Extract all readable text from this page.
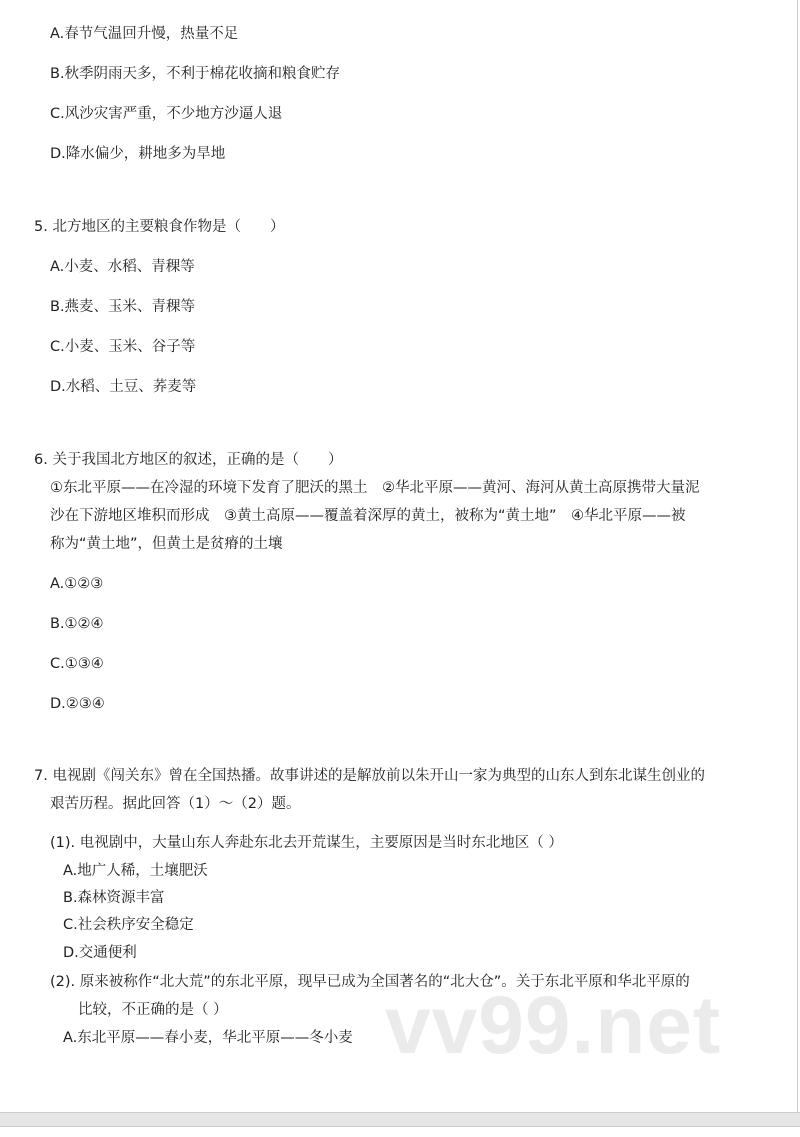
vv99.net
A.春节气温回升慢，热量不足
B.秋季阴雨天多，不利于棉花收摘和粮食贮存
C.风沙灾害严重，不少地方沙逼人退
D.降水偏少，耕地多为旱地
5. 北方地区的主要粮食作物是（　　）
A.小麦、水稻、青稞等
B.燕麦、玉米、青稞等
C.小麦、玉米、谷子等
D.水稻、土豆、荞麦等
6. 关于我国北方地区的叙述，正确的是（　　）
①东北平原——在冷湿的环境下发育了肥沃的黑土　②华北平原——黄河、海河从黄土高原携带大量泥
沙在下游地区堆积而形成　③黄土高原——覆盖着深厚的黄土，被称为“黄土地”　④华北平原——被
称为“黄土地”，但黄土是贫瘠的土壤
A.①②③
B.①②④
C.①③④
D.②③④
7. 电视剧《闯关东》曾在全国热播。故事讲述的是解放前以朱开山一家为典型的山东人到东北谋生创业的
艰苦历程。据此回答（1）～（2）题。
(1). 电视剧中，大量山东人奔赴东北去开荒谋生，主要原因是当时东北地区（ ）
A.地广人稀，土壤肥沃
B.森林资源丰富
C.社会秩序安全稳定
D.交通便利
(2). 原来被称作“北大荒”的东北平原，现早已成为全国著名的“北大仓”。关于东北平原和华北平原的
比较，不正确的是（ ）
A.东北平原——春小麦，华北平原——冬小麦
